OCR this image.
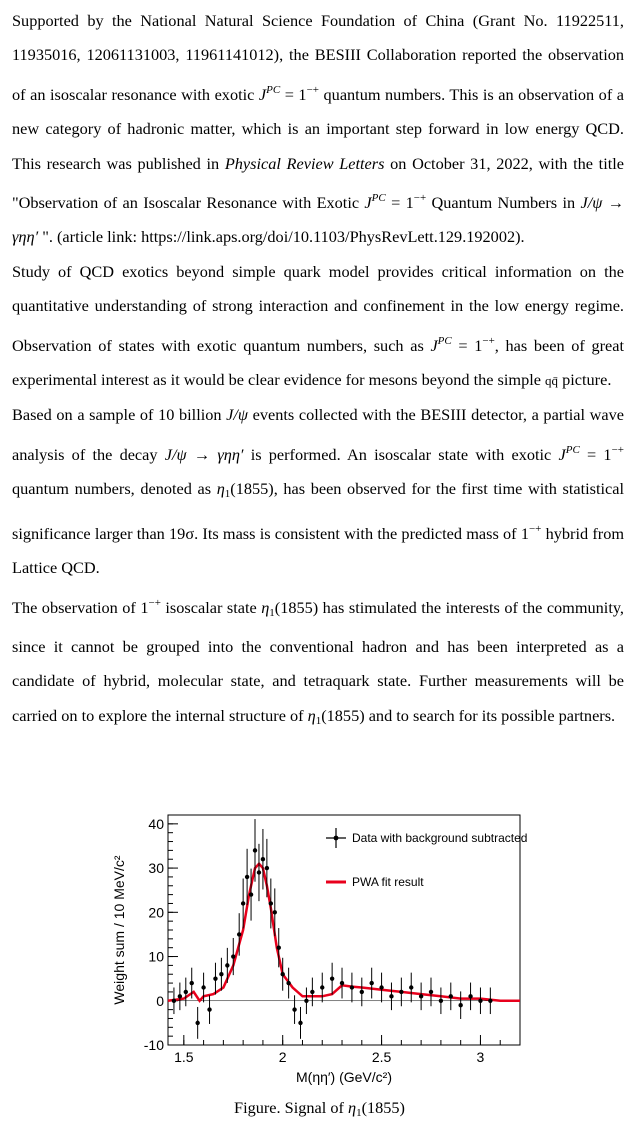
Supported by the National Natural Science Foundation of China (Grant No. 11922511, 11935016, 12061131003, 11961141012), the BESIII Collaboration reported the observation of an isoscalar resonance with exotic $J^{PC} = 1^{-+}$ quantum numbers. This is an observation of a new category of hadronic matter, which is an important step forward in low energy QCD. This research was published in Physical Review Letters on October 31, 2022, with the title "Observation of an Isoscalar Resonance with Exotic $J^{PC} = 1^{-+}$ Quantum Numbers in J/ψ → γηη′ ". (article link: https://link.aps.org/doi/10.1103/PhysRevLett.129.192002).

Study of QCD exotics beyond simple quark model provides critical information on the quantitative understanding of strong interaction and confinement in the low energy regime. Observation of states with exotic quantum numbers, such as $J^{PC} = 1^{-+}$, has been of great experimental interest as it would be clear evidence for mesons beyond the simple qq̄ picture.

Based on a sample of 10 billion J/ψ events collected with the BESIII detector, a partial wave analysis of the decay J/ψ → γηη′ is performed. An isoscalar state with exotic $J^{PC} = 1^{-+}$ quantum numbers, denoted as $\eta_1(1855)$, has been observed for the first time with statistical significance larger than 19σ. Its mass is consistent with the predicted mass of 1−+ hybrid from Lattice QCD.

The observation of 1−+ isoscalar state $\eta_1(1855)$ has stimulated the interests of the community, since it cannot be grouped into the conventional hadron and has been interpreted as a candidate of hybrid, molecular state, and tetraquark state. Further measurements will be carried on to explore the internal structure of $\eta_1(1855)$ and to search for its possible partners.

-10
0
10
20
30
40
1.5	2	2.5	3
M(ηη′) (GeV/c²)
Weight sum / 10 MeV/c²
Data with background subtracted
PWA fit result
Figure. Signal of $\eta_1(1855)$
